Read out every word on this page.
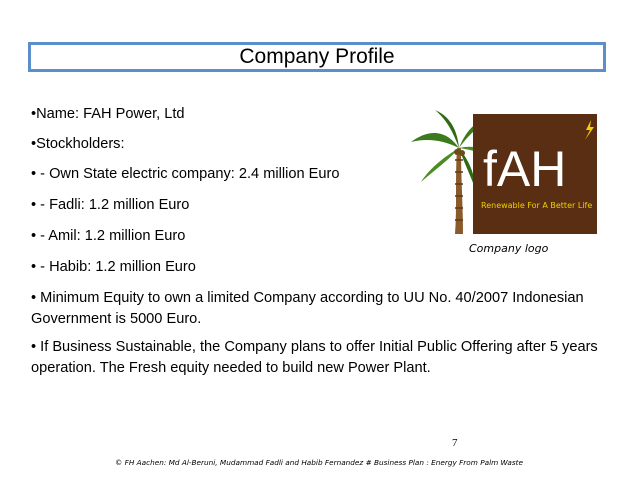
Company Profile
•Name: FAH Power, Ltd
•Stockholders:
• - Own State electric company: 2.4 million Euro
• - Fadli: 1.2 million Euro
• - Amil: 1.2 million Euro
• - Habib: 1.2 million Euro
• Minimum Equity to own a limited Company according to UU No. 40/2007 Indonesian Government is 5000 Euro.
• If Business Sustainable, the Company plans to offer Initial Public Offering after 5 years operation. The Fresh equity needed to build new Power Plant.
fAH
Renewable For A Better Life
Company logo
7
© FH Aachen: Md Al-Beruni, Mudammad Fadli and Habib Fernandez # Business Plan : Energy From Palm Waste
